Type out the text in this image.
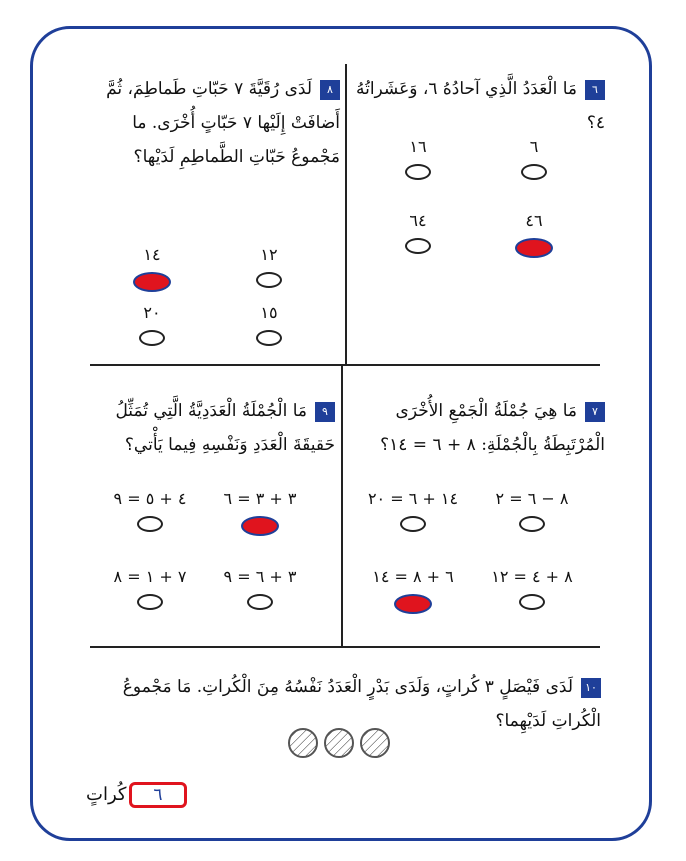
٦مَا الْعَدَدُ الَّذِي آحادُهُ ٦، وَعَشَراتُهُ ٤؟
٦
١٦
٤٦
٦٤
٨لَدَى رُقَيَّةَ ٧ حَبّاتِ طَماطِمَ، ثُمَّ أَضافَتْ إِلَيْها ٧ حَبّاتٍ أُخْرَى. ما مَجْموعُ حَبّاتِ الطَّماطِمِ لَدَيْها؟
١٢
١٤
١٥
٢٠
٧مَا هِيَ جُمْلَةُ الْجَمْعِ الأُخْرَى الْمُرْتَبِطَةُ بِالْجُمْلَةِ: ٨ + ٦ = ١٤؟
٨ − ٦ = ٢
١٤ + ٦ = ٢٠
٨ + ٤ = ١٢
٦ + ٨ = ١٤
٩مَا الْجُمْلَةُ الْعَدَدِيَّةُ الَّتِي تُمَثِّلُ حَقيقَةَ الْعَدَدِ وَنَفْسِهِ فِيما يَأْتي؟
٣ + ٣ = ٦
٤ + ٥ = ٩
٣ + ٦ = ٩
٧ + ١ = ٨
١٠لَدَى فَيْصَلٍ ٣ كُراتٍ، وَلَدَى بَدْرٍ الْعَدَدُ نَفْسُهُ مِنَ الْكُراتِ. مَا مَجْموعُ الْكُراتِ لَدَيْهِما؟
٦
كُراتٍ
